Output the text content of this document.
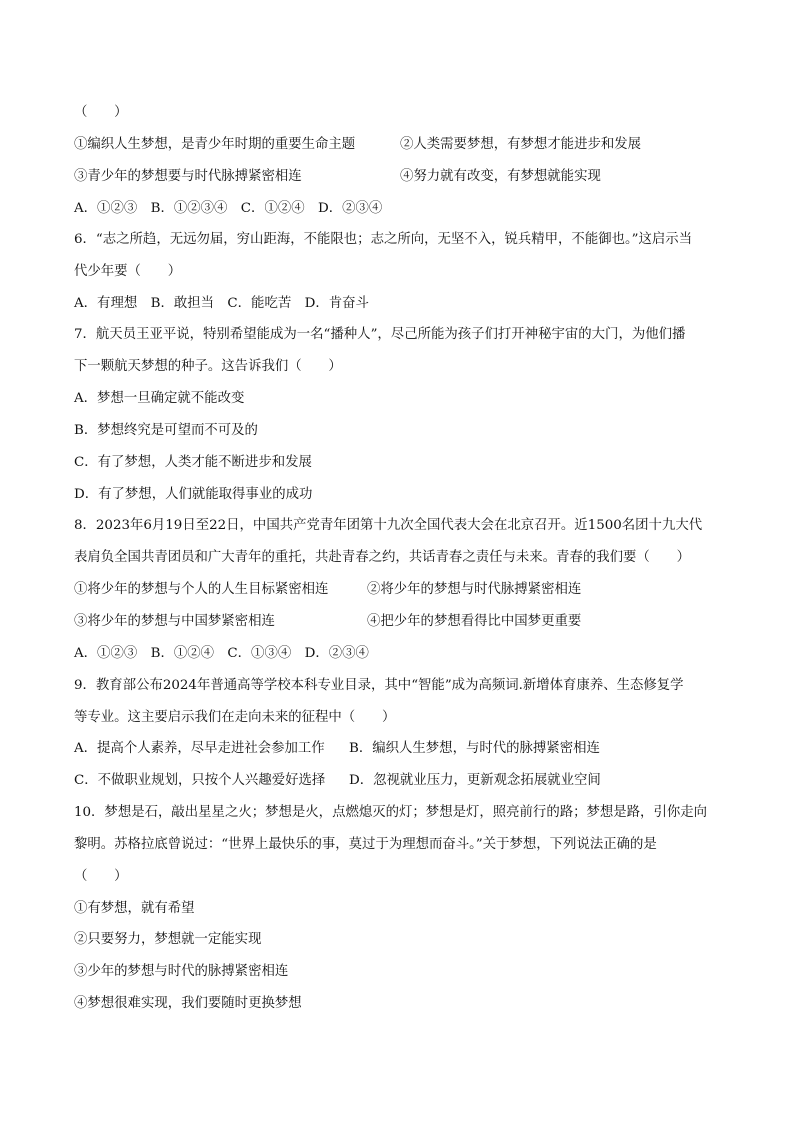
（　　）
①编织人生梦想，是青少年时期的重要生命主题	②人类需要梦想，有梦想才能进步和发展
③青少年的梦想要与时代脉搏紧密相连	④努力就有改变，有梦想就能实现
A．①②③　B．①②③④　C．①②④　D．②③④
6．“志之所趋，无远勿届，穷山距海，不能限也；志之所向，无坚不入，锐兵精甲，不能御也。”这启示当
代少年要（　　）
A．有理想　B．敢担当　C．能吃苦　D．肯奋斗
7．航天员王亚平说，特别希望能成为一名“播种人”，尽己所能为孩子们打开神秘宇宙的大门，为他们播
下一颗航天梦想的种子。这告诉我们（　　）
A．梦想一旦确定就不能改变
B．梦想终究是可望而不可及的
C．有了梦想，人类才能不断进步和发展
D．有了梦想，人们就能取得事业的成功
8．2023年6月19日至22日，中国共产党青年团第十九次全国代表大会在北京召开。近1500名团十九大代
表肩负全国共青团员和广大青年的重托，共赴青春之约，共话青春之责任与未来。青春的我们要（　　）
①将少年的梦想与个人的人生目标紧密相连	②将少年的梦想与时代脉搏紧密相连
③将少年的梦想与中国梦紧密相连	④把少年的梦想看得比中国梦更重要
A．①②③　B．①②④　C．①③④　D．②③④
9．教育部公布2024年普通高等学校本科专业目录，其中“智能”成为高频词.新增体育康养、生态修复学
等专业。这主要启示我们在走向未来的征程中（　　）
A．提高个人素养，尽早走进社会参加工作 B．编织人生梦想，与时代的脉搏紧密相连
C．不做职业规划，只按个人兴趣爱好选择 D．忽视就业压力，更新观念拓展就业空间
10．梦想是石，敲出星星之火；梦想是火，点燃熄灭的灯；梦想是灯，照亮前行的路；梦想是路，引你走向
黎明。苏格拉底曾说过：“世界上最快乐的事，莫过于为理想而奋斗。”关于梦想，下列说法正确的是
（　　）
①有梦想，就有希望
②只要努力，梦想就一定能实现
③少年的梦想与时代的脉搏紧密相连
④梦想很难实现，我们要随时更换梦想
